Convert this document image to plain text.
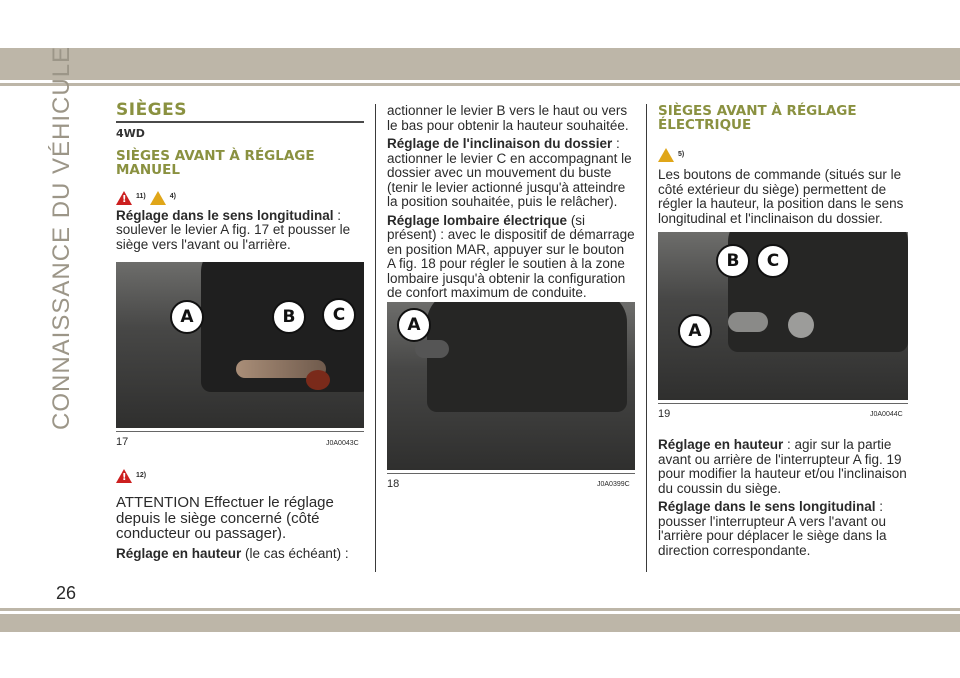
CONNAISSANCE DU VÉHICULE
26
SIÈGES
4WD
SIÈGES AVANT À RÉGLAGE MANUEL
!
11)	4)

Réglage dans le sens longitudinal : soulever le levier A fig. 17 et pousser le siège vers l'avant ou l'arrière.

A	B	C
17	J0A0043C
!
12)

ATTENTION Effectuer le réglage depuis le siège concerné (côté conducteur ou passager).

Réglage en hauteur (le cas échéant) :

actionner le levier B vers le haut ou vers le bas pour obtenir la hauteur souhaitée.

Réglage de l'inclinaison du dossier : actionner le levier C en accompagnant le dossier avec un mouvement du buste (tenir le levier actionné jusqu'à atteindre la position souhaitée, puis le relâcher).

Réglage lombaire électrique (si présent) : avec le dispositif de démarrage en position MAR, appuyer sur le bouton A fig. 18 pour régler le soutien à la zone lombaire jusqu'à obtenir la configuration de confort maximum de conduite.

A
18	J0A0399C
SIÈGES AVANT À RÉGLAGE ÉLECTRIQUE
5)

Les boutons de commande (situés sur le côté extérieur du siège) permettent de régler la hauteur, la position dans le sens longitudinal et l'inclinaison du dossier.

A
B	C
19	J0A0044C

Réglage en hauteur : agir sur la partie avant ou arrière de l'interrupteur A fig. 19 pour modifier la hauteur et/ou l'inclinaison du coussin du siège.

Réglage dans le sens longitudinal : pousser l'interrupteur A vers l'avant ou l'arrière pour déplacer le siège dans la direction correspondante.
